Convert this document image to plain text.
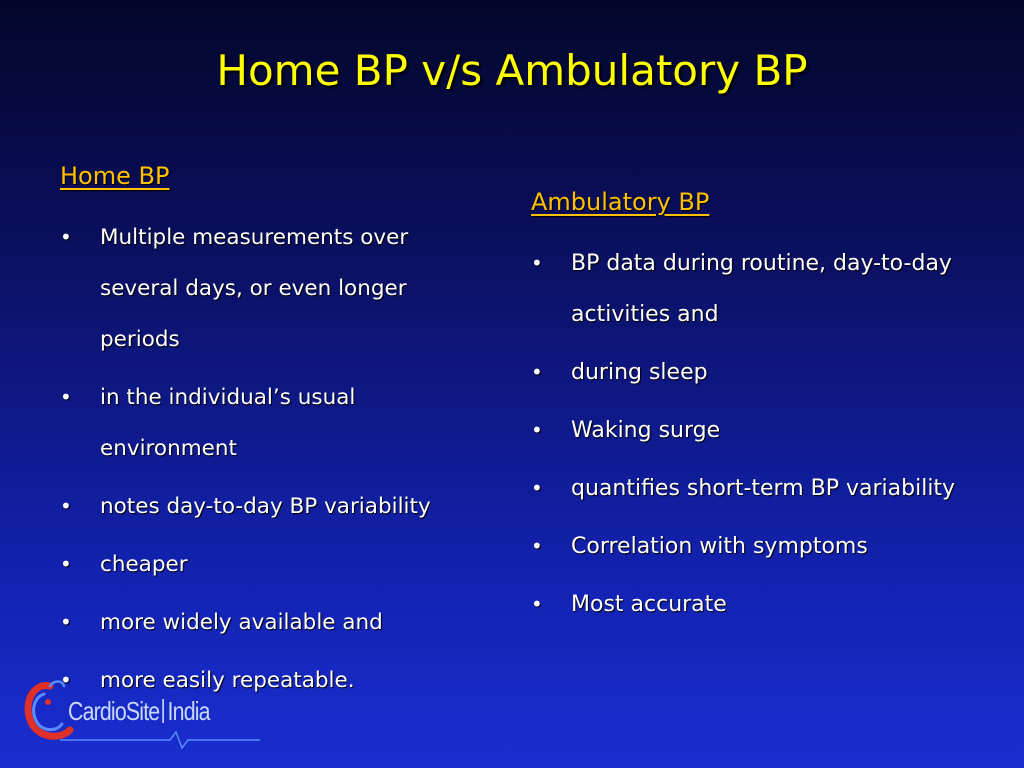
Home BP v/s Ambulatory BP
Home BP
• Multiple measurements over several days, or even longer periods
• in the individual’s usual environment
• notes day-to-day BP variability
• cheaper
• more widely available and
• more easily repeatable.
Ambulatory BP
• BP data during routine, day-to-day activities and
• during sleep
• Waking surge
• quantifies short-term BP variability
• Correlation with symptoms
• Most accurate
CardioSite India
